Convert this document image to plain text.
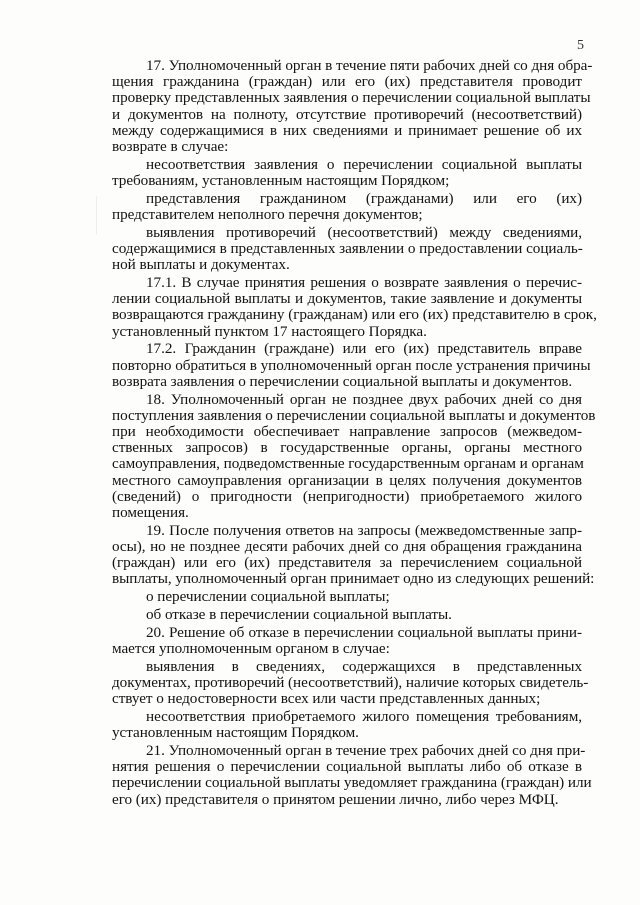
5

17. Уполномоченный орган в течение пяти рабочих дней со дня обра-
щения гражданина (граждан) или его (их) представителя проводит
проверку представленных заявления о перечислении социальной выплаты
и документов на полноту, отсутствие противоречий (несоответствий)
между содержащимися в них сведениями и принимает решение об их
возврате в случае:

несоответствия заявления о перечислении социальной выплаты
требованиям, установленным настоящим Порядком;

представления гражданином (гражданами) или его (их)
представителем неполного перечня документов;

выявления противоречий (несоответствий) между сведениями,
содержащимися в представленных заявлении о предоставлении социаль-
ной выплаты и документах.

17.1. В случае принятия решения о возврате заявления о перечис-
лении социальной выплаты и документов, такие заявление и документы
возвращаются гражданину (гражданам) или его (их) представителю в срок,
установленный пунктом 17 настоящего Порядка.

17.2. Гражданин (граждане) или его (их) представитель вправе
повторно обратиться в уполномоченный орган после устранения причины
возврата заявления о перечислении социальной выплаты и документов.

18. Уполномоченный орган не позднее двух рабочих дней со дня
поступления заявления о перечислении социальной выплаты и документов
при необходимости обеспечивает направление запросов (межведом-
ственных запросов) в государственные органы, органы местного
самоуправления, подведомственные государственным органам и органам
местного самоуправления организации в целях получения документов
(сведений) о пригодности (непригодности) приобретаемого жилого
помещения.

19. После получения ответов на запросы (межведомственные запр-
осы), но не позднее десяти рабочих дней со дня обращения гражданина
(граждан) или его (их) представителя за перечислением социальной
выплаты, уполномоченный орган принимает одно из следующих решений:

о перечислении социальной выплаты;

об отказе в перечислении социальной выплаты.

20. Решение об отказе в перечислении социальной выплаты прини-
мается уполномоченным органом в случае:

выявления в сведениях, содержащихся в представленных
документах, противоречий (несоответствий), наличие которых свидетель-
ствует о недостоверности всех или части представленных данных;

несоответствия приобретаемого жилого помещения требованиям,
установленным настоящим Порядком.

21. Уполномоченный орган в течение трех рабочих дней со дня при-
нятия решения о перечислении социальной выплаты либо об отказе в
перечислении социальной выплаты уведомляет гражданина (граждан) или
его (их) представителя о принятом решении лично, либо через МФЦ.
